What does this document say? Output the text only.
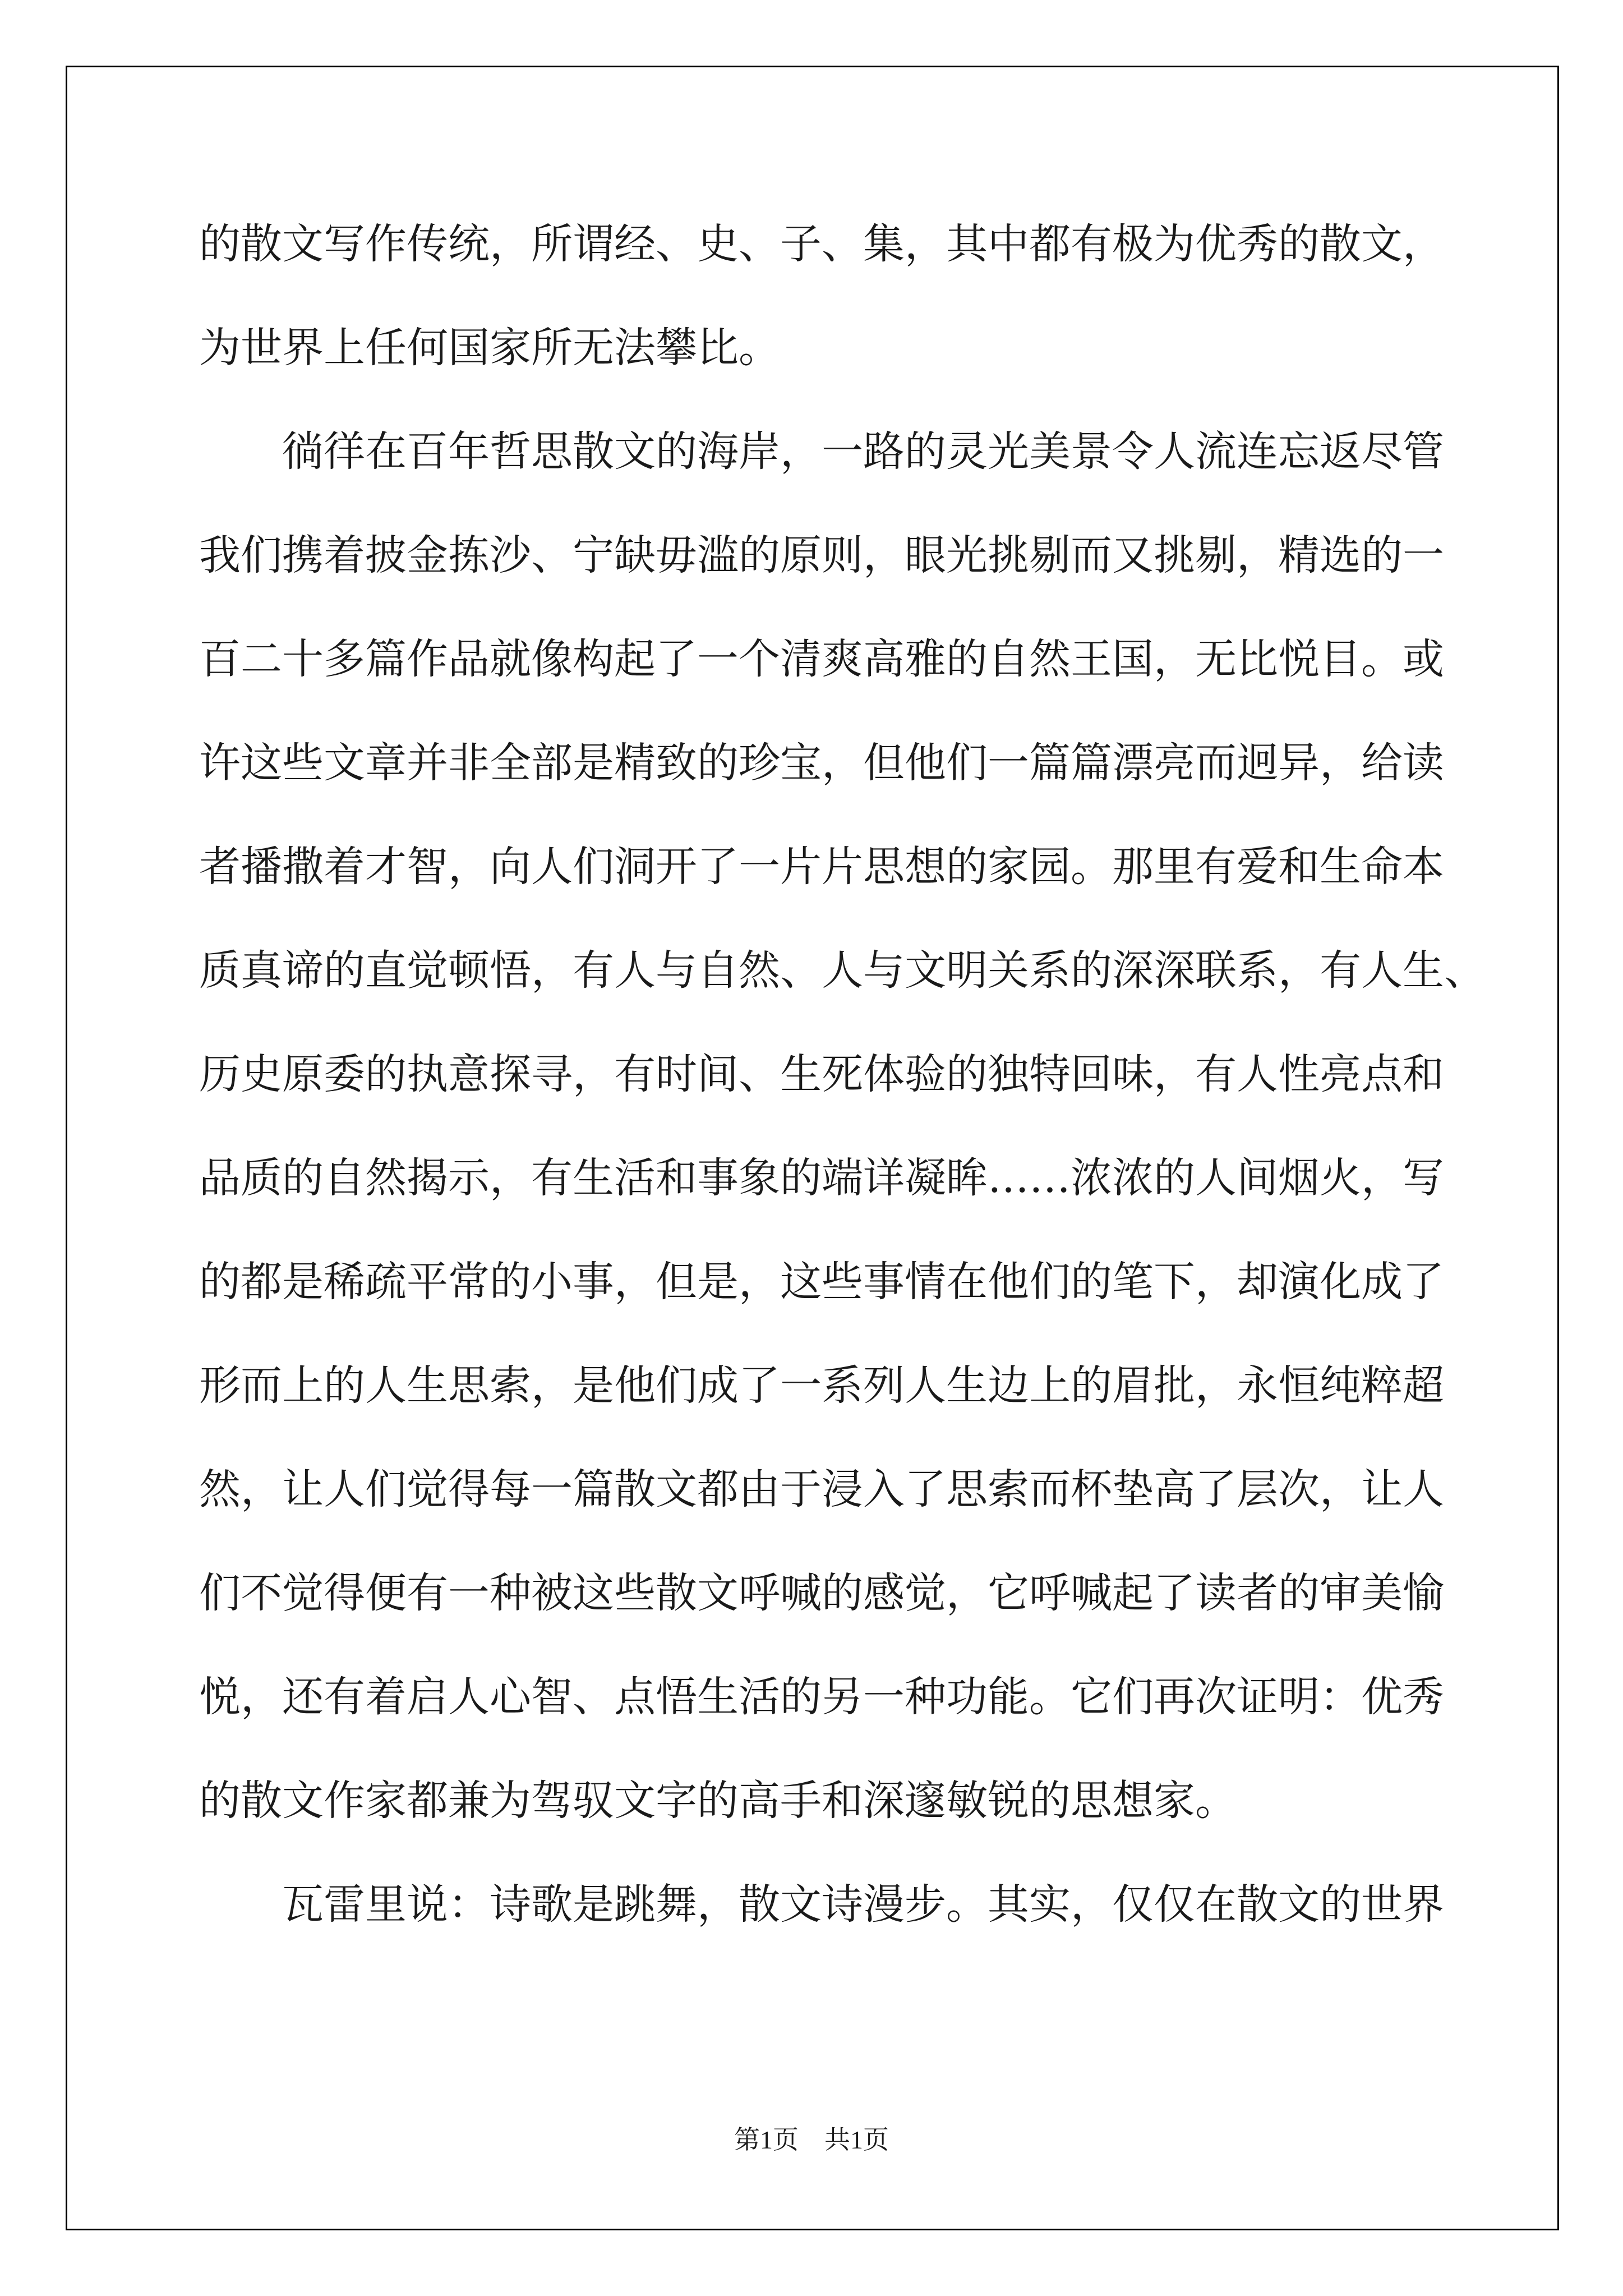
的散文写作传统，所谓经、史、子、集，其中都有极为优秀的散文，
为世界上任何国家所无法攀比。
徜徉在百年哲思散文的海岸，一路的灵光美景令人流连忘返尽管
我们携着披金拣沙、宁缺毋滥的原则，眼光挑剔而又挑剔，精选的一
百二十多篇作品就像构起了一个清爽高雅的自然王国，无比悦目。或
许这些文章并非全部是精致的珍宝，但他们一篇篇漂亮而迥异，给读
者播撒着才智，向人们洞开了一片片思想的家园。那里有爱和生命本
质真谛的直觉顿悟，有人与自然、人与文明关系的深深联系，有人生、
历史原委的执意探寻，有时间、生死体验的独特回味，有人性亮点和
品质的自然揭示，有生活和事象的端详凝眸……浓浓的人间烟火，写
的都是稀疏平常的小事，但是，这些事情在他们的笔下，却演化成了
形而上的人生思索，是他们成了一系列人生边上的眉批，永恒纯粹超
然，让人们觉得每一篇散文都由于浸入了思索而杯垫高了层次，让人
们不觉得便有一种被这些散文呼喊的感觉，它呼喊起了读者的审美愉
悦，还有着启人心智、点悟生活的另一种功能。它们再次证明：优秀
的散文作家都兼为驾驭文字的高手和深邃敏锐的思想家。
瓦雷里说：诗歌是跳舞，散文诗漫步。其实，仅仅在散文的世界
第1页　共1页
